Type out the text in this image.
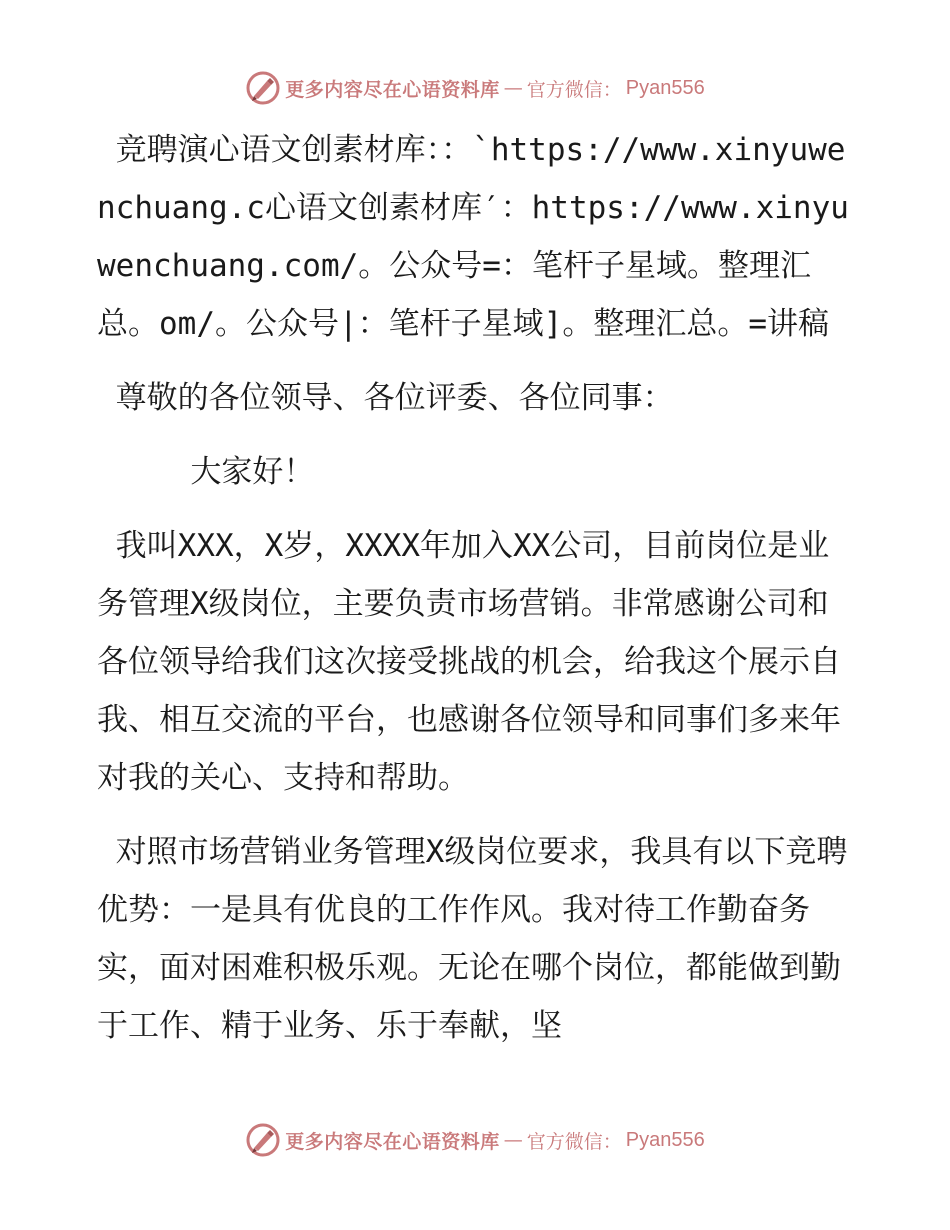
更多内容尽在心语资料库 — 官方微信： Pyan556

竞聘演心语文创素材库：：`https://www.xinyuwenchuang.c心语文创素材库′：https://www.xinyuwenchuang.com/。公众号=：笔杆子星域。整理汇总。om/。公众号|：笔杆子星域]。整理汇总。=讲稿

尊敬的各位领导、各位评委、各位同事：

大家好！

我叫XXX，X岁，XXXX年加入XX公司，目前岗位是业务管理X级岗位，主要负责市场营销。非常感谢公司和各位领导给我们这次接受挑战的机会，给我这个展示自我、相互交流的平台，也感谢各位领导和同事们多来年对我的关心、支持和帮助。

对照市场营销业务管理X级岗位要求，我具有以下竞聘优势：一是具有优良的工作作风。我对待工作勤奋务实，面对困难积极乐观。无论在哪个岗位，都能做到勤于工作、精于业务、乐于奉献，坚

更多内容尽在心语资料库 — 官方微信： Pyan556
